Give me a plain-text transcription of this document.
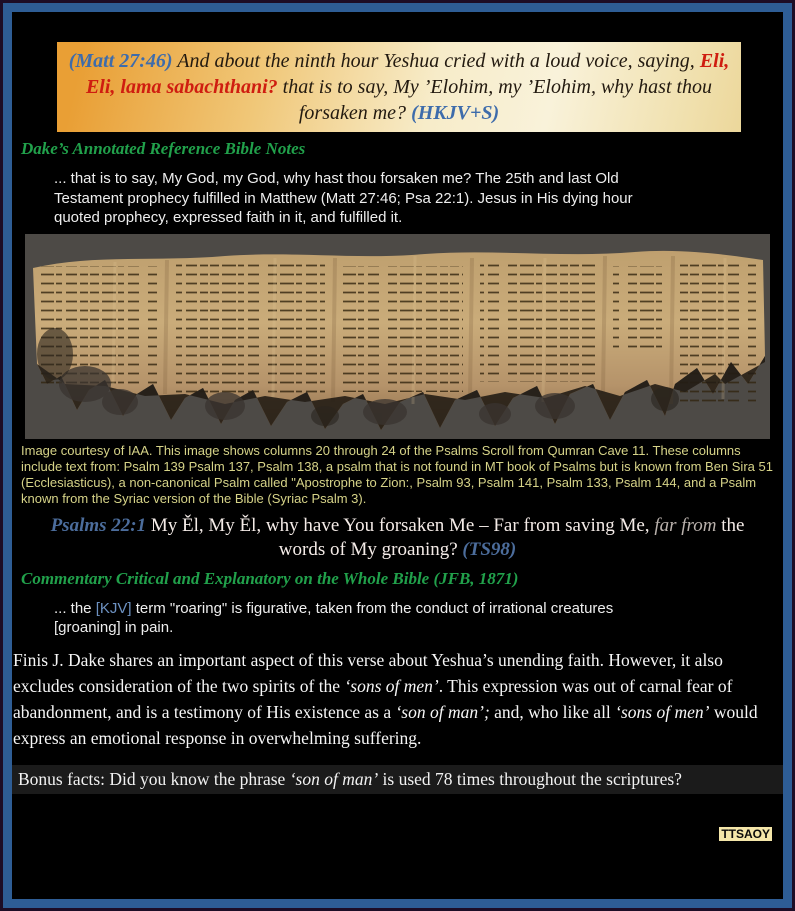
(Matt 27:46) And about the ninth hour Yeshua cried with a loud voice, saying, Eli, Eli, lama sabachthani? that is to say, My ’Elohim, my ’Elohim, why hast thou forsaken me? (HKJV+S)
Dake’s Annotated Reference Bible Notes
... that is to say, My God, my God, why hast thou forsaken me? The 25th and last Old Testament prophecy fulfilled in Matthew (Matt 27:46; Psa 22:1). Jesus in His dying hour quoted prophecy, expressed faith in it, and fulfilled it.
Image courtesy of IAA. This image shows columns 20 through 24 of the Psalms Scroll from Qumran Cave 11. These columns include text from: Psalm 139 Psalm 137, Psalm 138, a psalm that is not found in MT book of Psalms but is known from Ben Sira 51 (Ecclesiasticus), a non-canonical Psalm called "Apostrophe to Zion:, Psalm 93, Psalm 141, Psalm 133, Psalm 144, and a Psalm known from the Syriac version of the Bible (Syriac Psalm 3).
Psalms 22:1 My Ěl, My Ěl, why have You forsaken Me – Far from saving Me, far from the words of My groaning? (TS98)
Commentary Critical and Explanatory on the Whole Bible (JFB, 1871)
... the [KJV] term "roaring" is figurative, taken from the conduct of irrational creatures [groaning] in pain.
Finis J. Dake shares an important aspect of this verse about Yeshua’s unending faith. However, it also excludes consideration of the two spirits of the ‘sons of men’. This expression was out of carnal fear of abandonment, and is a testimony of His existence as a ‘son of man’; and, who like all ‘sons of men’ would express an emotional response in overwhelming suffering.
Bonus facts: Did you know the phrase ‘son of man’ is used 78 times throughout the scriptures?
TTSAOY
